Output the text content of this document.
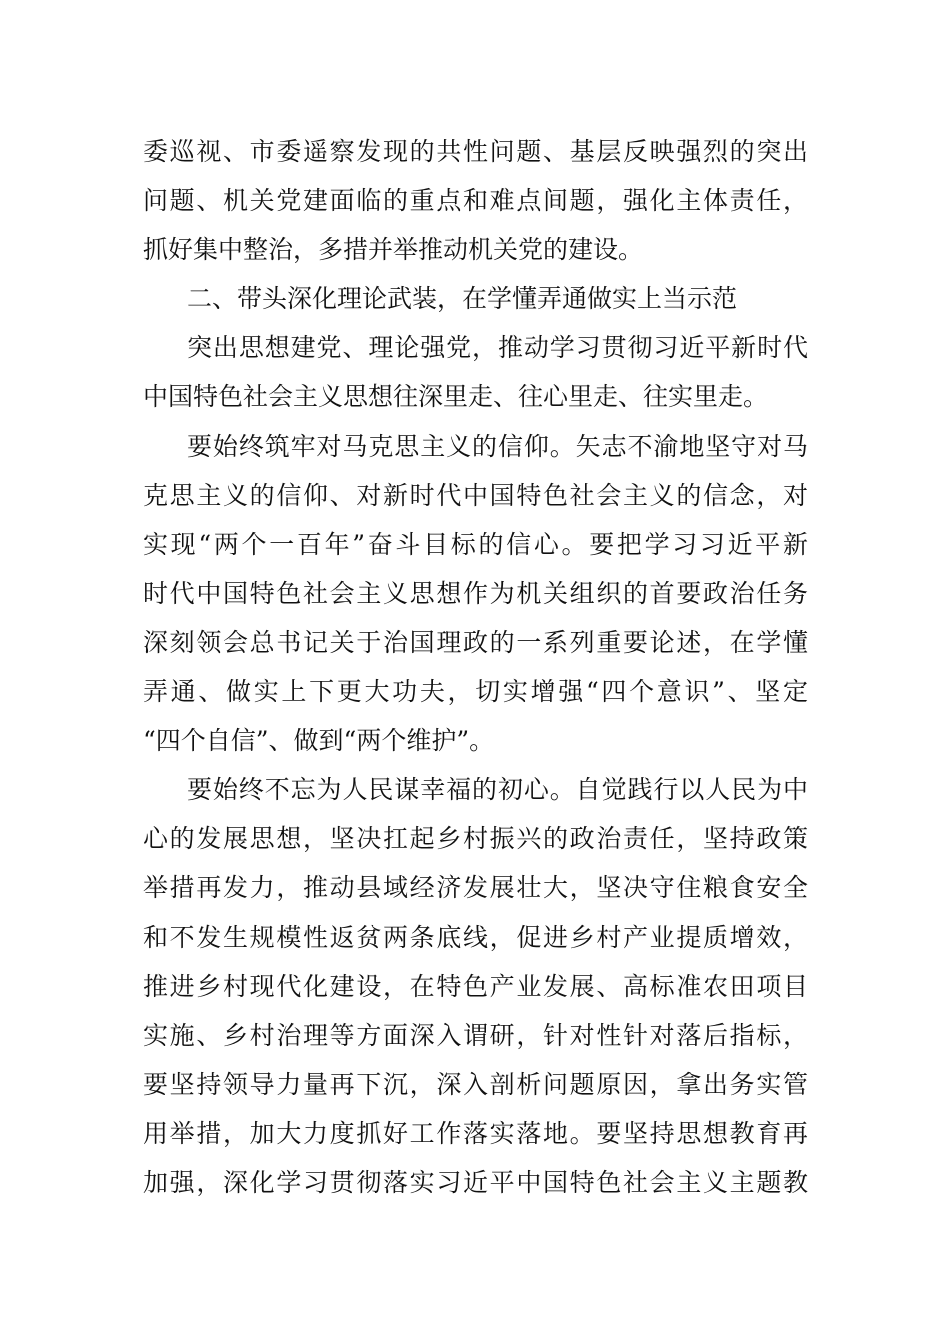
委巡视、市委遥察发现的共性问题、基层反映强烈的突出
问题、机关党建面临的重点和难点间题，强化主体责任，
抓好集中整治，多措并举推动机关党的建设。
二、带头深化理论武装，在学懂弄通做实上当示范
突出思想建党、理论强党，推动学习贯彻习近平新时代
中国特色社会主义思想往深里走、往心里走、往实里走。
要始终筑牢对马克思主义的信仰。矢志不渝地坚守对马
克思主义的信仰、对新时代中国特色社会主义的信念，对
实现“两个一百年”奋斗目标的信心。要把学习习近平新
时代中国特色社会主义思想作为机关组织的首要政治任务
深刻领会总书记关于治国理政的一系列重要论述，在学懂
弄通、做实上下更大功夫，切实增强“四个意识”、坚定
“四个自信”、做到“两个维护”。
要始终不忘为人民谋幸福的初心。自觉践行以人民为中
心的发展思想，坚决扛起乡村振兴的政治责任，坚持政策
举措再发力，推动县域经济发展壮大，坚决守住粮食安全
和不发生规模性返贫两条底线，促进乡村产业提质增效，
推进乡村现代化建设，在特色产业发展、高标准农田项目
实施、乡村治理等方面深入谓研，针对性针对落后指标，
要坚持领导力量再下沉，深入剖析问题原因，拿出务实管
用举措，加大力度抓好工作落实落地。要坚持思想教育再
加强，深化学习贯彻落实习近平中国特色社会主义主题教
